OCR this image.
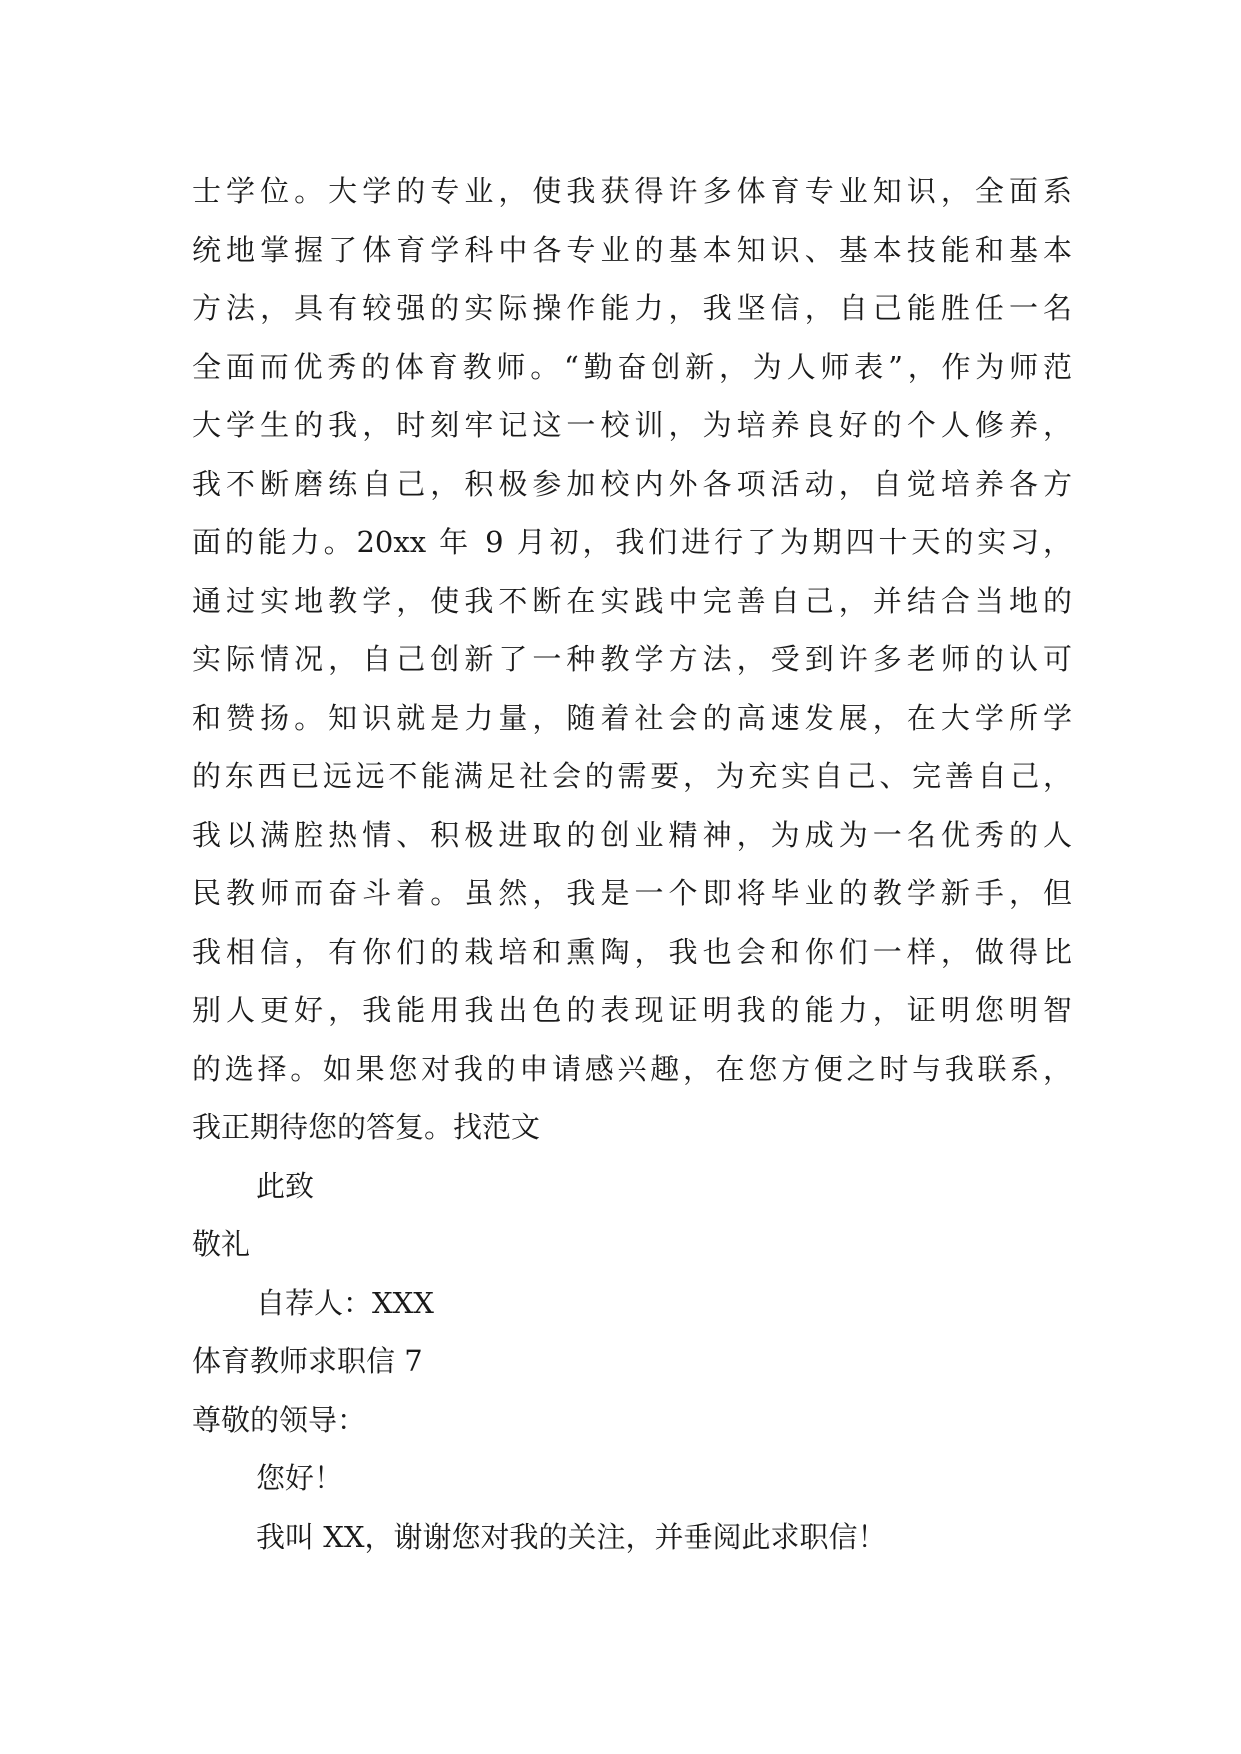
士学位。大学的专业，使我获得许多体育专业知识，全面系
统地掌握了体育学科中各专业的基本知识、基本技能和基本
方法，具有较强的实际操作能力，我坚信，自己能胜任一名
全面而优秀的体育教师。“勤奋创新，为人师表”，作为师范
大学生的我，时刻牢记这一校训，为培养良好的个人修养，
我不断磨练自己，积极参加校内外各项活动，自觉培养各方
面的能力。20xx 年 9 月初，我们进行了为期四十天的实习，
通过实地教学，使我不断在实践中完善自己，并结合当地的
实际情况，自己创新了一种教学方法，受到许多老师的认可
和赞扬。知识就是力量，随着社会的高速发展，在大学所学
的东西已远远不能满足社会的需要，为充实自己、完善自己，
我以满腔热情、积极进取的创业精神，为成为一名优秀的人
民教师而奋斗着。虽然，我是一个即将毕业的教学新手，但
我相信，有你们的栽培和熏陶，我也会和你们一样，做得比
别人更好，我能用我出色的表现证明我的能力，证明您明智
的选择。如果您对我的申请感兴趣，在您方便之时与我联系，
我正期待您的答复。找范文
此致
敬礼
自荐人：XXX
体育教师求职信 7
尊敬的领导：
您好！
我叫 XX，谢谢您对我的关注，并垂阅此求职信！
